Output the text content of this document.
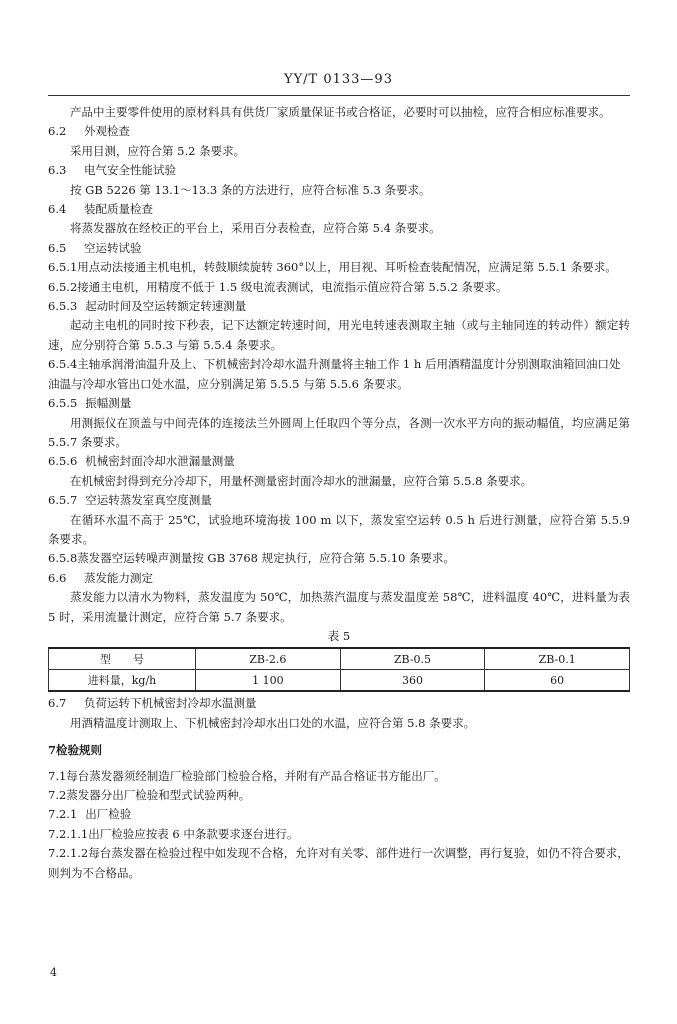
YY/T 0133—93

产品中主要零件使用的原材料具有供货厂家质量保证书或合格证，必要时可以抽检，应符合相应标准要求。

6.2 外观检查

采用目测，应符合第 5.2 条要求。

6.3 电气安全性能试验

按 GB 5226 第 13.1～13.3 条的方法进行，应符合标准 5.3 条要求。

6.4 装配质量检查

将蒸发器放在经校正的平台上，采用百分表检查，应符合第 5.4 条要求。

6.5 空运转试验

6.5.1用点动法接通主机电机，转鼓顺续旋转 360°以上，用目视、耳听检查装配情况，应满足第 5.5.1 条要求。

6.5.2接通主电机，用精度不低于 1.5 级电流表测试，电流指示值应符合第 5.5.2 条要求。

6.5.3 起动时间及空运转额定转速测量

起动主电机的同时按下秒表，记下达额定转速时间，用光电转速表测取主轴（或与主轴同连的转动件）额定转速，应分别符合第 5.5.3 与第 5.5.4 条要求。

6.5.4主轴承润滑油温升及上、下机械密封冷却水温升测量将主轴工作 1 h 后用酒精温度计分别测取油箱回油口处油温与冷却水管出口处水温，应分别满足第 5.5.5 与第 5.5.6 条要求。

6.5.5 振幅测量

用测振仪在顶盖与中间壳体的连接法兰外圆周上任取四个等分点，各测一次水平方向的振动幅值，均应满足第 5.5.7 条要求。

6.5.6 机械密封面冷却水泄漏量测量

在机械密封得到充分冷却下，用量杯测量密封面冷却水的泄漏量，应符合第 5.5.8 条要求。

6.5.7 空运转蒸发室真空度测量

在循环水温不高于 25℃，试验地环境海拔 100 m 以下，蒸发室空运转 0.5 h 后进行测量，应符合第 5.5.9 条要求。

6.5.8蒸发器空运转噪声测量按 GB 3768 规定执行，应符合第 5.5.10 条要求。

6.6 蒸发能力测定

蒸发能力以清水为物料，蒸发温度为 50℃，加热蒸汽温度与蒸发温度差 58℃，进料温度 40℃，进料量为表 5 时，采用流量计测定，应符合第 5.7 条要求。

表 5

型　　号	ZB-2.6	ZB-0.5	ZB-0.1
进料量，kg/h	1 100	360	60

6.7 负荷运转下机械密封冷却水温测量

用酒精温度计测取上、下机械密封冷却水出口处的水温，应符合第 5.8 条要求。

7检验规则

7.1每台蒸发器须经制造厂检验部门检验合格，并附有产品合格证书方能出厂。

7.2蒸发器分出厂检验和型式试验两种。

7.2.1 出厂检验

7.2.1.1出厂检验应按表 6 中条款要求逐台进行。

7.2.1.2每台蒸发器在检验过程中如发现不合格，允许对有关零、部件进行一次调整，再行复验，如仍不符合要求，则判为不合格品。

4
